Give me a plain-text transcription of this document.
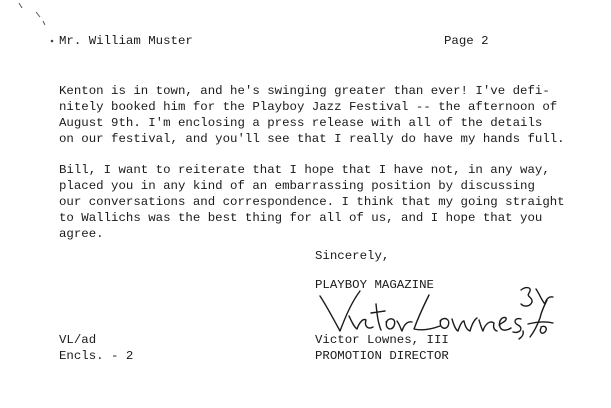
Mr. William Muster	Page 2
Kenton is in town, and he's swinging greater than ever! I've defi-
nitely booked him for the Playboy Jazz Festival -- the afternoon of
August 9th. I'm enclosing a press release with all of the details
on our festival, and you'll see that I really do have my hands full.
Bill, I want to reiterate that I hope that I have not, in any way,
placed you in any kind of an embarrassing position by discussing
our conversations and correspondence. I think that my going straight
to Wallichs was the best thing for all of us, and I hope that you
agree.
Sincerely,
PLAYBOY MAGAZINE
Victor Lownes, III
PROMOTION DIRECTOR
VL/ad
Encls. - 2
